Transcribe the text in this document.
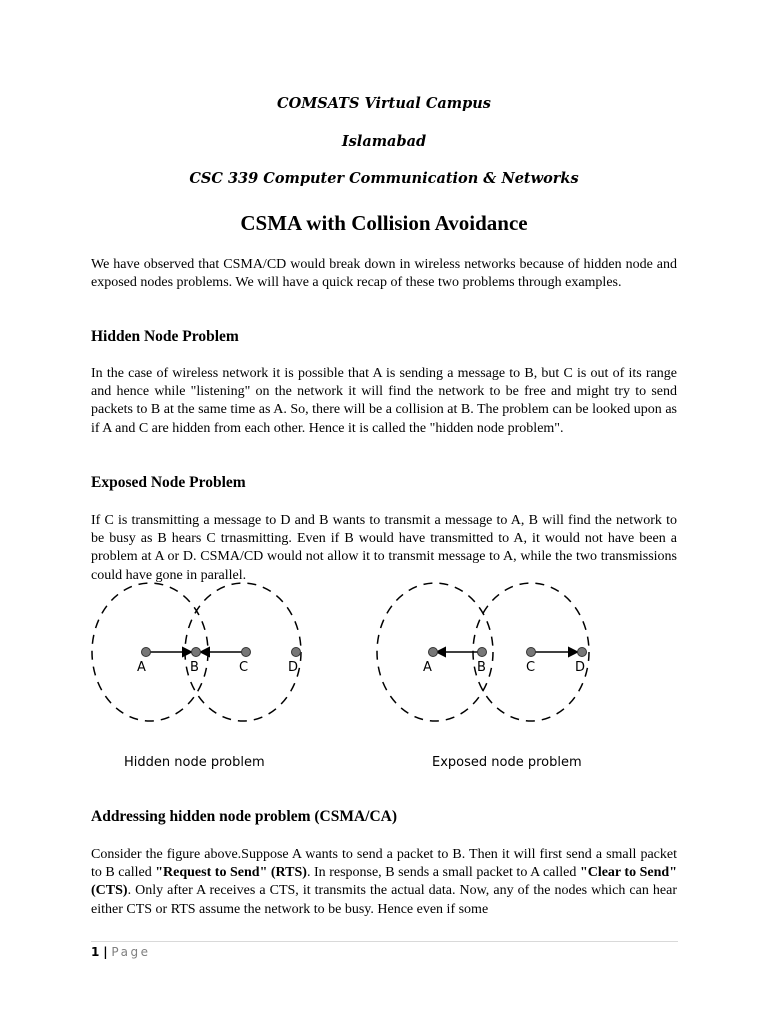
COMSATS Virtual Campus
Islamabad
CSC 339 Computer Communication & Networks
CSMA with Collision Avoidance

We have observed that CSMA/CD would break down in wireless networks because of hidden node and exposed nodes problems. We will have a quick recap of these two problems through examples.

Hidden Node Problem

In the case of wireless network it is possible that A is sending a message to B, but C is out of its range and hence while "listening" on the network it will find the network to be free and might try to send packets to B at the same time as A. So, there will be a collision at B. The problem can be looked upon as if A and C are hidden from each other. Hence it is called the "hidden node problem".

Exposed Node Problem

If C is transmitting a message to D and B wants to transmit a message to A, B will find the network to be busy as B hears C trnasmitting. Even if B would have transmitted to A, it would not have been a problem at A or D. CSMA/CD would not allow it to transmit message to A, while the two transmissions could have gone in parallel.

A	B	C	D
Hidden node problem
A	B	C	D
Exposed node problem
Addressing hidden node problem (CSMA/CA)

Consider the figure above.Suppose A wants to send a packet to B. Then it will first send a small packet to B called "Request to Send" (RTS). In response, B sends a small packet to A called "Clear to Send" (CTS). Only after A receives a CTS, it transmits the actual data. Now, any of the nodes which can hear either CTS or RTS assume the network to be busy. Hence even if some

1 | Page
